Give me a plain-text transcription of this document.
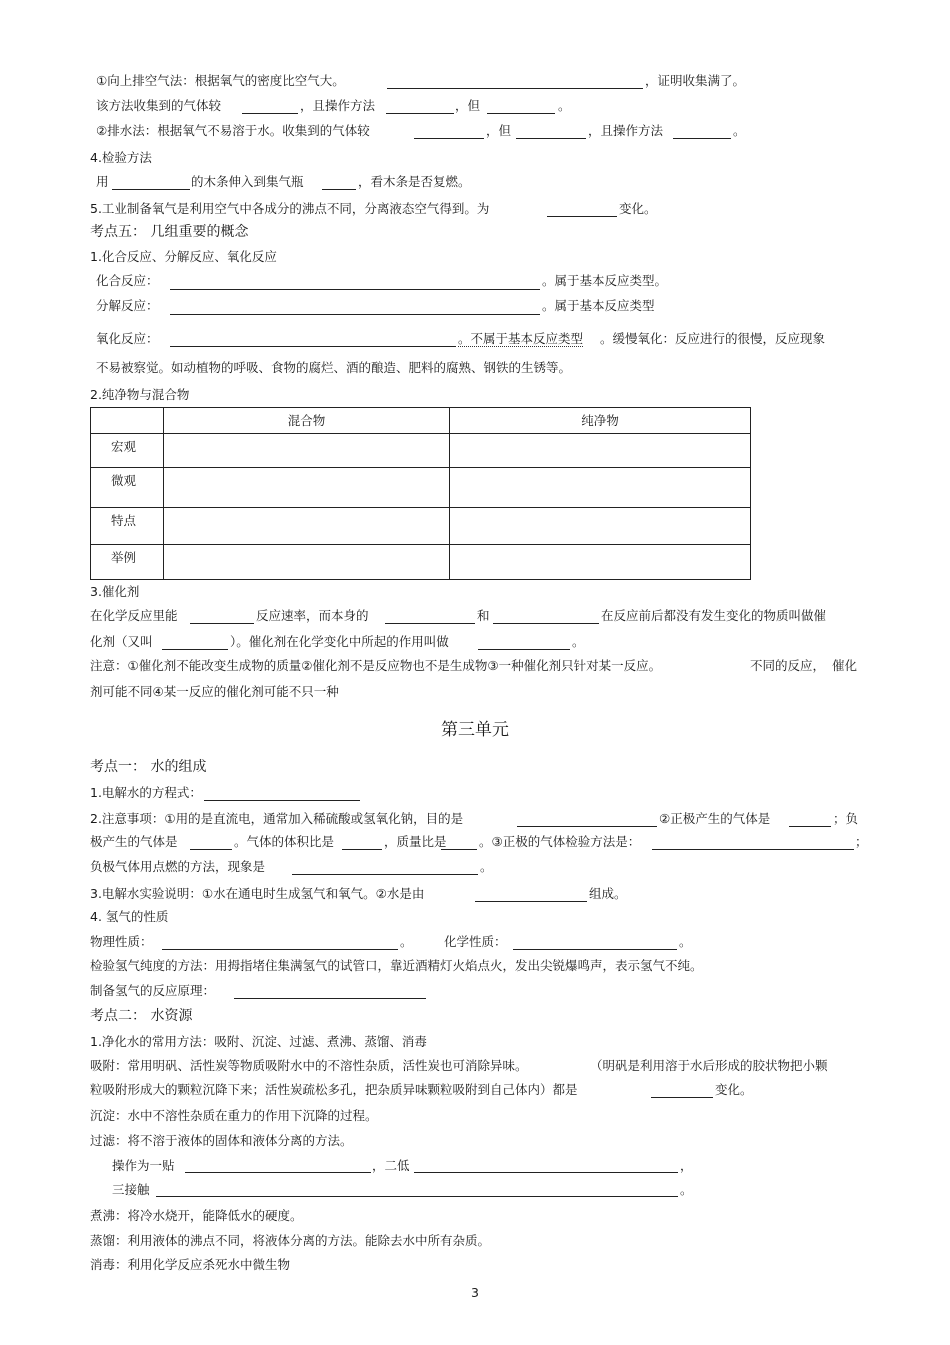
①向上排空气法：根据氧气的密度比空气大。	，证明收集满了。
该方法收集到的气体较	，且操作方法	，但	。
②排水法：根据氧气不易溶于水。收集到的气体较	，但	，且操作方法	。
4.检验方法
用	的木条伸入到集气瓶	，看木条是否复燃。
5.工业制备氧气是利用空气中各成分的沸点不同，分离液态空气得到。为	变化。
考点五： 几组重要的概念
1.化合反应、分解反应、氧化反应
化合反应：	。属于基本反应类型。
分解反应：	。属于基本反应类型
氧化反应：	。不属于基本反应类型 。缓慢氧化：反应进行的很慢，反应现象
不易被察觉。如动植物的呼吸、食物的腐烂、酒的酿造、肥料的腐熟、钢铁的生锈等。
2.纯净物与混合物
	混合物	纯净物
宏观		
微观		
特点		
举例		
3.催化剂
在化学反应里能	反应速率，而本身的	和	在反应前后都没有发生变化的物质叫做催
化剂（又叫	）。催化剂在化学变化中所起的作用叫做	。
注意：①催化剂不能改变生成物的质量②催化剂不是反应物也不是生成物③一种催化剂只针对某一反应。	不同的反应， 催化
剂可能不同④某一反应的催化剂可能不只一种
第三单元
考点一： 水的组成
1.电解水的方程式：
2.注意事项：①用的是直流电，通常加入稀硫酸或氢氧化钠，目的是	②正极产生的气体是	；负
极产生的气体是	。气体的体积比是	，质量比是	。③正极的气体检验方法是：	；
负极气体用点燃的方法，现象是	。
3.电解水实验说明：①水在通电时生成氢气和氧气。②水是由	组成。
4. 氢气的性质
物理性质：	。	化学性质：	。
检验氢气纯度的方法：用拇指堵住集满氢气的试管口，靠近酒精灯火焰点火，发出尖锐爆鸣声，表示氢气不纯。
制备氢气的反应原理：
考点二： 水资源
1.净化水的常用方法：吸附、沉淀、过滤、煮沸、蒸馏、消毒
吸附：常用明矾、活性炭等物质吸附水中的不溶性杂质，活性炭也可消除异味。	（明矾是利用溶于水后形成的胶状物把小颗
粒吸附形成大的颗粒沉降下来；活性炭疏松多孔，把杂质异味颗粒吸附到自己体内）都是	变化。
沉淀：水中不溶性杂质在重力的作用下沉降的过程。
过滤：将不溶于液体的固体和液体分离的方法。
操作为一贴	，二低	，
三接触	。
煮沸：将冷水烧开，能降低水的硬度。
蒸馏：利用液体的沸点不同，将液体分离的方法。能除去水中所有杂质。
消毒：利用化学反应杀死水中微生物
3
